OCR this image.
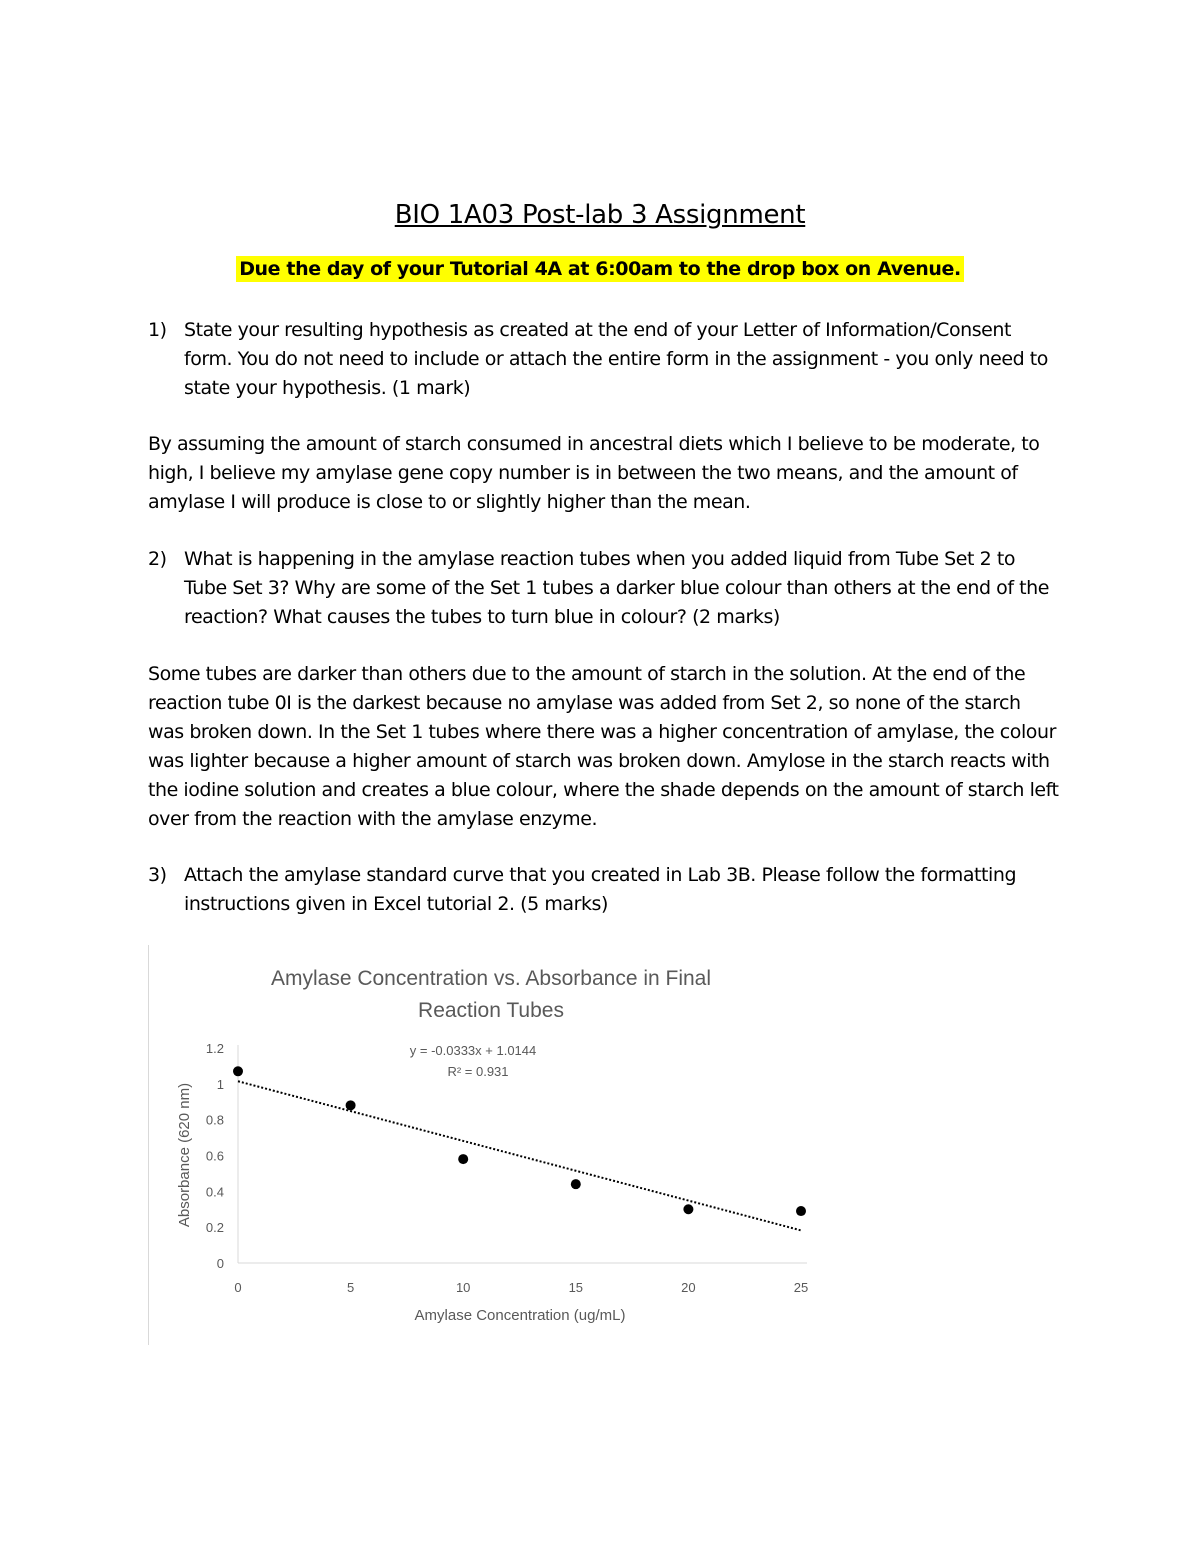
BIO 1A03 Post-lab 3 Assignment
Due the day of your Tutorial 4A at 6:00am to the drop box on Avenue.
1) State your resulting hypothesis as created at the end of your Letter of Information/Consent form. You do not need to include or attach the entire form in the assignment - you only need to state your hypothesis. (1 mark)
By assuming the amount of starch consumed in ancestral diets which I believe to be moderate, to high, I believe my amylase gene copy number is in between the two means, and the amount of amylase I will produce is close to or slightly higher than the mean.
2) What is happening in the amylase reaction tubes when you added liquid from Tube Set 2 to Tube Set 3? Why are some of the Set 1 tubes a darker blue colour than others at the end of the reaction? What causes the tubes to turn blue in colour? (2 marks)
Some tubes are darker than others due to the amount of starch in the solution. At the end of the reaction tube 0I is the darkest because no amylase was added from Set 2, so none of the starch was broken down. In the Set 1 tubes where there was a higher concentration of amylase, the colour was lighter because a higher amount of starch was broken down. Amylose in the starch reacts with the iodine solution and creates a blue colour, where the shade depends on the amount of starch left over from the reaction with the amylase enzyme.
3) Attach the amylase standard curve that you created in Lab 3B. Please follow the formatting instructions given in Excel tutorial 2. (5 marks)
Amylase Concentration vs. Absorbance in Final
Reaction Tubes
y = -0.0333x + 1.0144
R² = 0.931
Absorbance (620 nm)
Amylase Concentration (ug/mL)
0
0.2
0.4
0.6
0.8
1
1.2
0	5	10	15	20	25
